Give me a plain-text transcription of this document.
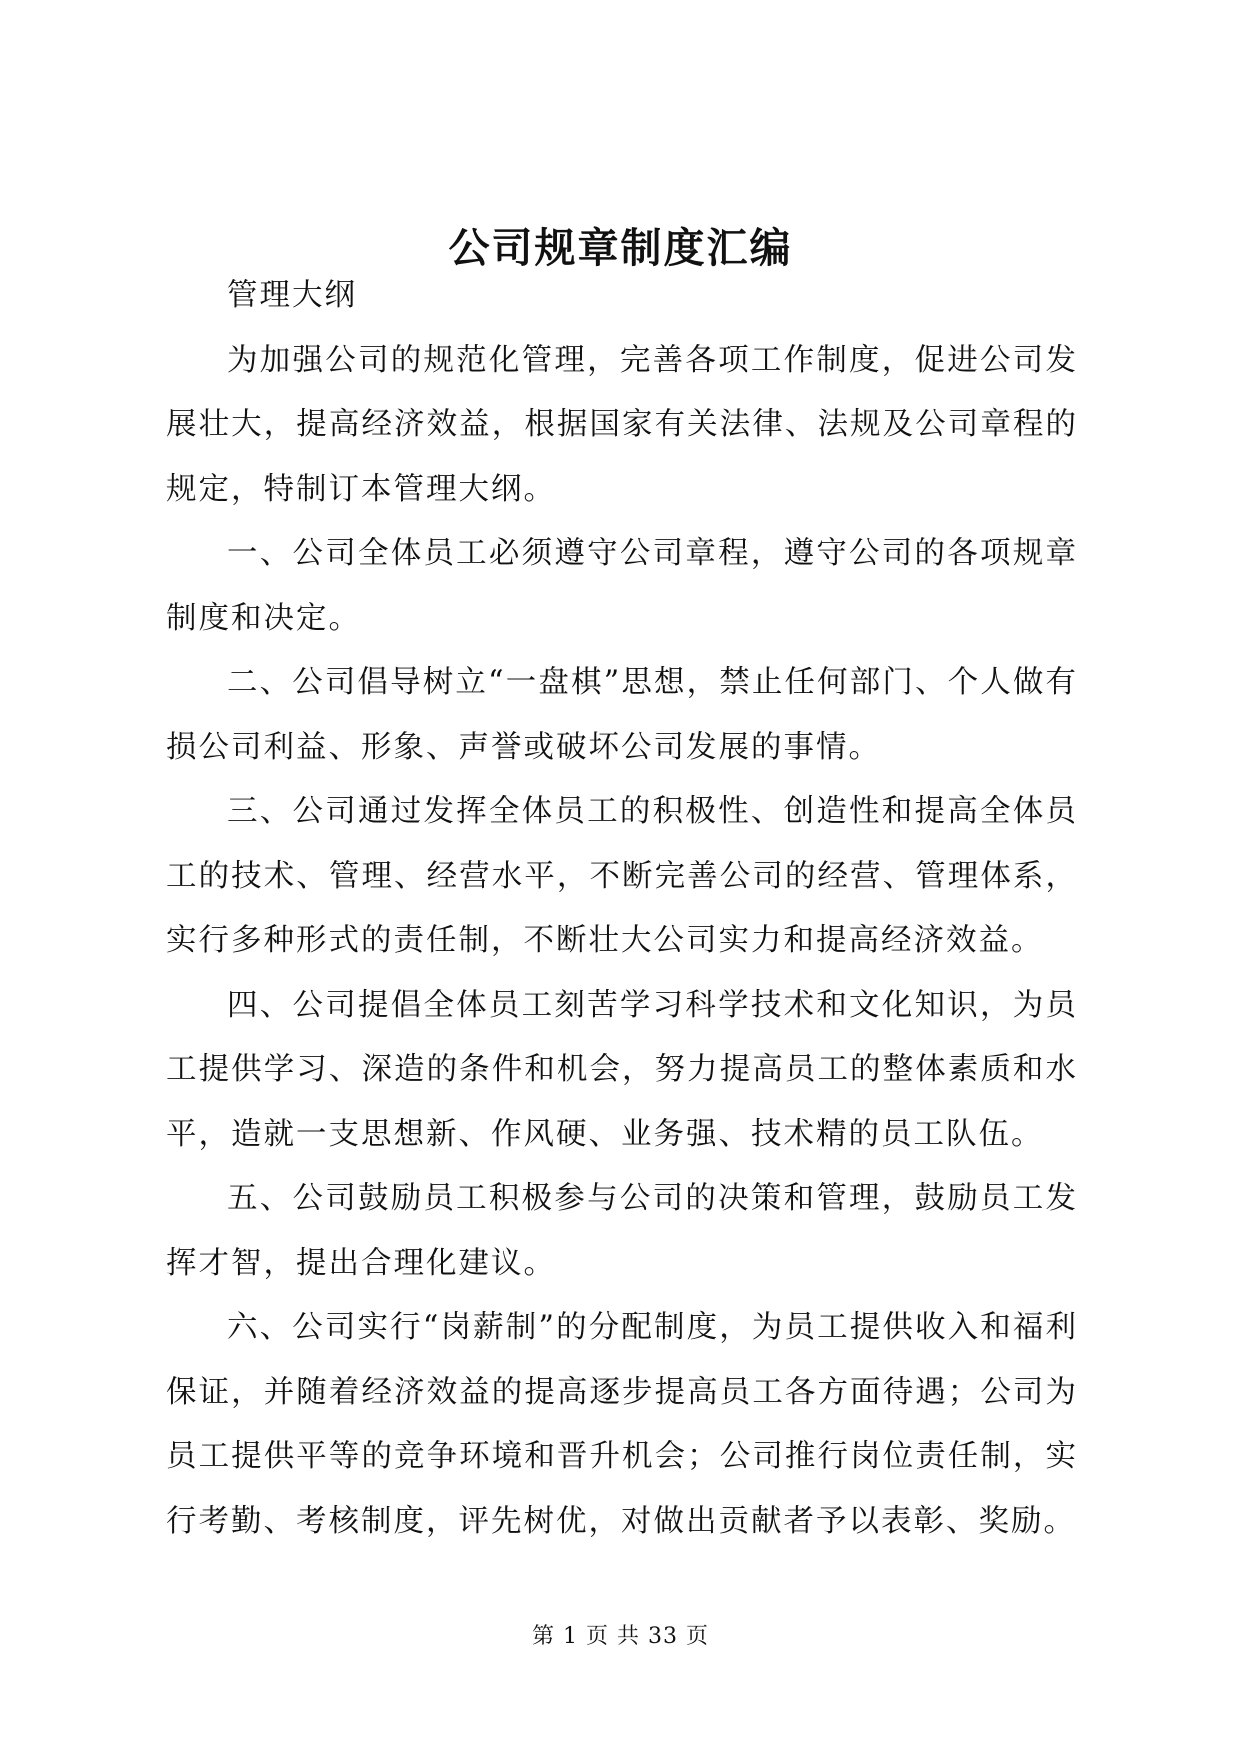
公司规章制度汇编

管理大纲

为加强公司的规范化管理，完善各项工作制度，促进公司发展壮大，提高经济效益，根据国家有关法律、法规及公司章程的规定，特制订本管理大纲。

一、公司全体员工必须遵守公司章程，遵守公司的各项规章制度和决定。

二、公司倡导树立“一盘棋”思想，禁止任何部门、个人做有损公司利益、形象、声誉或破坏公司发展的事情。

三、公司通过发挥全体员工的积极性、创造性和提高全体员工的技术、管理、经营水平，不断完善公司的经营、管理体系，实行多种形式的责任制，不断壮大公司实力和提高经济效益。

四、公司提倡全体员工刻苦学习科学技术和文化知识，为员工提供学习、深造的条件和机会，努力提高员工的整体素质和水平，造就一支思想新、作风硬、业务强、技术精的员工队伍。

五、公司鼓励员工积极参与公司的决策和管理，鼓励员工发挥才智，提出合理化建议。

六、公司实行“岗薪制”的分配制度，为员工提供收入和福利保证，并随着经济效益的提高逐步提高员工各方面待遇；公司为员工提供平等的竞争环境和晋升机会；公司推行岗位责任制，实行考勤、考核制度，评先树优，对做出贡献者予以表彰、奖励。

第 1 页 共 33 页
